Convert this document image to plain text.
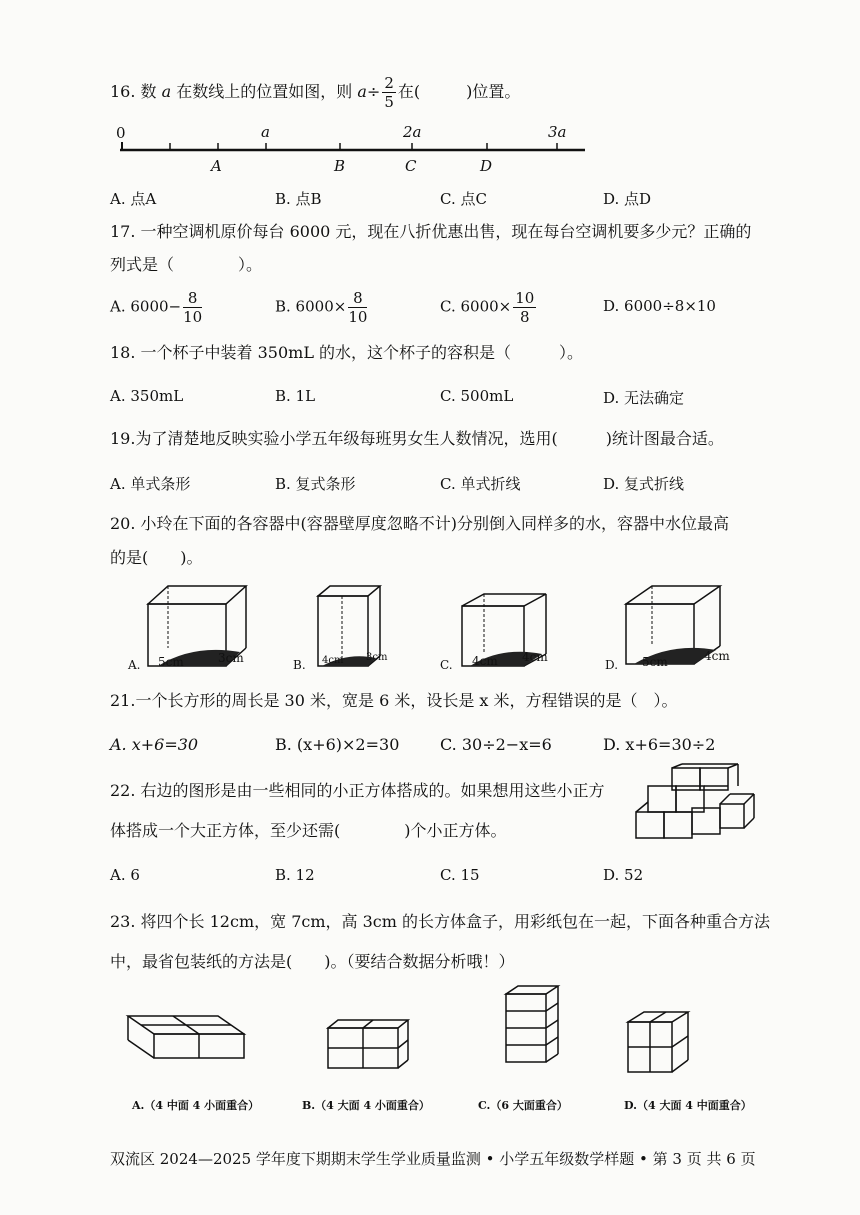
16. 数 a 在数线上的位置如图，则 $a\div \frac{2}{5}$ 在(	)位置。
0	a	2a	3a
A	B	C	D
A. 点A	B. 点B	C. 点C	D. 点D
17. 一种空调机原价每台 6000 元，现在八折优惠出售，现在每台空调机要多少元？正确的
列式是（　　　　）。
A. $6000- \frac{8}{10}$	B. $6000\times \frac{8}{10}$	C. $6000\times \frac{10}{8}$	D. 6000÷8×10
18. 一个杯子中装着 350mL 的水，这个杯子的容积是（　　　）。
A. 350mL	B. 1L	C. 500mL	D. 无法确定
19.为了清楚地反映实验小学五年级每班男女生人数情况，选用(　　　)统计图最合适。
A. 单式条形	B. 复式条形	C. 单式折线	D. 复式折线
20. 小玲在下面的各容器中(容器壁厚度忽略不计)分别倒入同样多的水，容器中水位最高
的是(　　)。
A. 5cm	3cm	B. 4cm 3cm
C. 4cm 4cm
D. 5cm	4cm
21.一个长方形的周长是 30 米，宽是 6 米，设长是 x 米，方程错误的是（　）。
A. x+6=30	B. (x+6)×2=30	C. 30÷2−x=6	D. x+6=30÷2
22. 右边的图形是由一些相同的小正方体搭成的。如果想用这些小正方
体搭成一个大正方体，至少还需(　　　　)个小正方体。
A. 6	B. 12	C. 15	D. 52
23. 将四个长 12cm，宽 7cm，高 3cm 的长方体盒子，用彩纸包在一起，下面各种重合方法
中，最省包装纸的方法是(　　)。（要结合数据分析哦！）
A.（4 中面 4 小面重合）	B.（4 大面 4 小面重合）	C.（6 大面重合）	D.（4 大面 4 中面重合）
双流区 2024—2025 学年度下期期末学生学业质量监测 • 小学五年级数学样题 • 第 3 页 共 6 页
